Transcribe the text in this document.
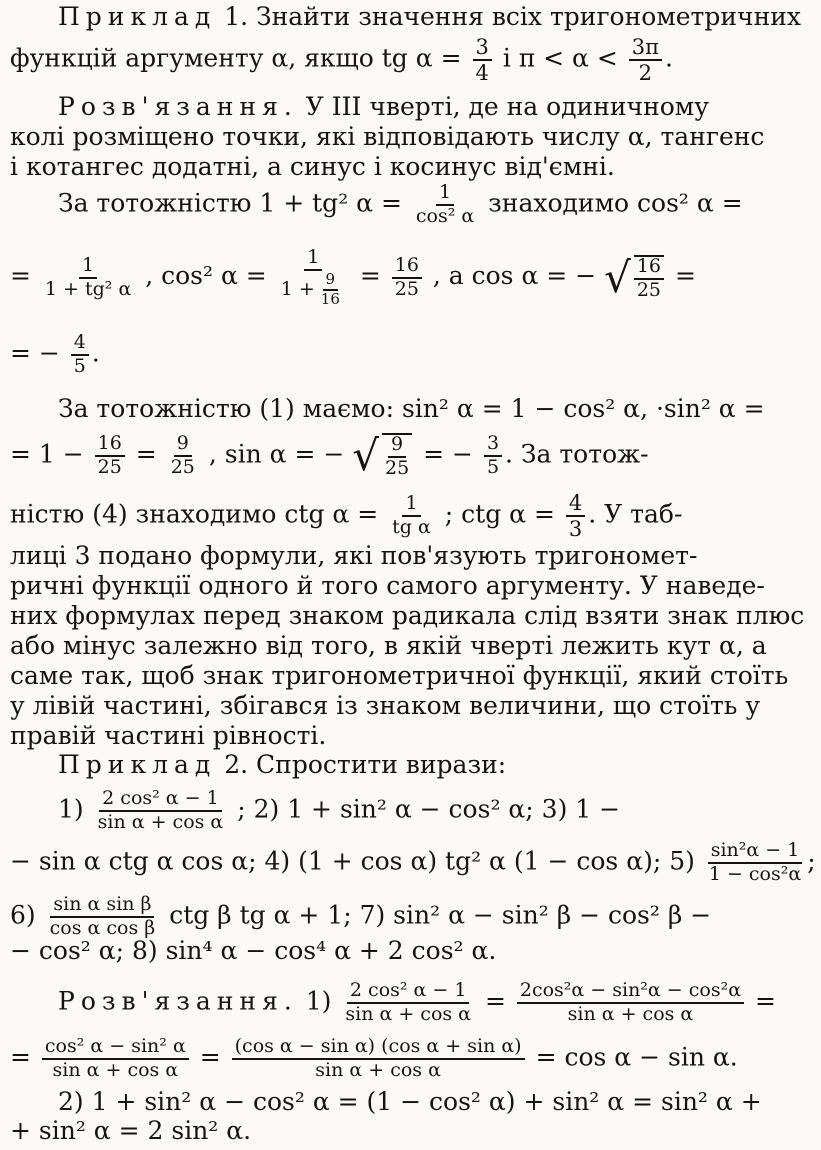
Приклад 1. Знайти значення всіх тригонометричних
функцій аргументу α, якщо tg $\alpha = \frac{3}{4}$ і $\pi < \alpha < \frac{3\pi}{2}$ .
Розв'язання. У ІІІ чверті, де на одиничному
колі розміщено точки, які відповідають числу α, тангенс
і котангес додатні, а синус і косинус від'ємні.
За тотожністю 1 + tg² $\alpha = \frac{1}{\text{cos² α}}$ знаходимо cos² α =
= $\frac{1}{\text{1 + tg² α}}$ , cos² $\alpha = \frac{1}{1 + \frac{9}{16}} = \frac{16}{25}$ , a cos α = − √ $\frac{16}{25}$ =
= − $\frac{4}{5}$ .
За тотожністю (1) маємо: sin² α = 1 − cos² α, ·sin² α =
= $1 - \frac{16}{25} = \frac{9}{25}$ , sin α = − √ $\frac{9}{25}$ = − $\frac{3}{5}$ . За тотож-
ністю (4) знаходимо ctg $\alpha = \frac{1}{\text{tg α}}$ ; ctg $\alpha = \frac{4}{3}$ . У таб-
лиці 3 подано формули, які пов'язують тригономет-
ричні функції одного й того самого аргументу. У наведе-
них формулах перед знаком радикала слід взяти знак плюс
або мінус залежно від того, в якій чверті лежить кут α, а
саме так, щоб знак тригонометричної функції, який стоїть
у лівій частині, збігався із знаком величини, що стоїть у
правій частині рівності.
Приклад 2. Спростити вирази:
$1) \frac{\text{2 cos² α − 1}}{\text{sin α + cos α}}$ ; 2) 1 + sin² α − cos² α; 3) 1 −
− sin α ctg α cos α; 4) (1 + cos α) tg² α (1 − cos α); $5) \frac{\text{sin²α − 1}}{\text{1 − cos²α}}$ ;
$6) \frac{\text{sin α sin β}}{\text{cos α cos β}}$ ctg β tg α + 1; 7) sin² α − sin² β − cos² β −
− cos² α; 8) sin⁴ α − cos⁴ α + 2 cos² α.
Розв'язання. $1) \frac{\text{2 cos² α − 1}}{\text{sin α + cos α}} = \frac{\text{2cos²α − sin²α − cos²α}}{\text{sin α + cos α}}$ =
= $\frac{\text{cos² α − sin² α}}{\text{sin α + cos α}} = \frac{\text{(cos α − sin α) (cos α + sin α)}}{\text{sin α + cos α}} = \cos \alpha - \sin \alpha$.
2) 1 + sin² α − cos² α = (1 − cos² α) + sin² α = sin² α +
+ sin² α = 2 sin² α.
